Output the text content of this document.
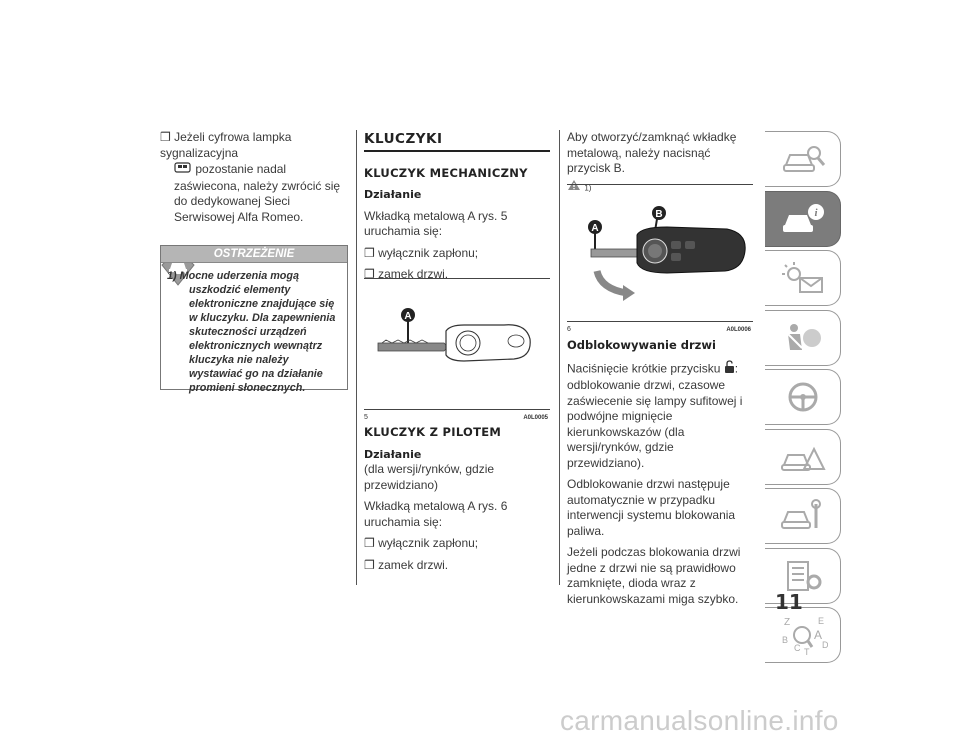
❒ Jeżeli cyfrowa lampka sygnalizacyjna

pozostanie nadal zaświecona, należy zwrócić się do dedykowanej Sieci Serwisowej Alfa Romeo.

OSTRZEŻENIE
1) Mocne uderzenia mogą uszkodzić elementy elektroniczne znajdujące się w kluczyku. Dla zapewnienia skuteczności urządzeń elektronicznych wewnątrz kluczyka nie należy wystawiać go na działanie promieni słonecznych.
KLUCZYKI
KLUCZYK MECHANICZNY
Działanie

Wkładką metalową A rys. 5 uruchamia się:

❒ wyłącznik zapłonu;

❒ zamek drzwi.

A
5	A0L0005
KLUCZYK Z PILOTEM
Działanie

(dla wersji/rynków, gdzie przewidziano)

Wkładką metalową A rys. 6 uruchamia się:

❒ wyłącznik zapłonu;

❒ zamek drzwi.

Aby otworzyć/zamknąć wkładkę metalową, należy nacisnąć przycisk B.

1)

A
B
6	A0L0006
Odblokowywanie drzwi

Naciśnięcie krótkie przycisku : odblokowanie drzwi, czasowe zaświecenie się lampy sufitowej i podwójne mignięcie kierunkowskazów (dla wersji/rynków, gdzie przewidziano).

Odblokowanie drzwi następuje automatycznie w przypadku interwencji systemu blokowania paliwa.

Jeżeli podczas blokowania drzwi jedne z drzwi nie są prawidłowo zamknięte, dioda wraz z kierunkowskazami miga szybko.

i
Z	E
A
B
C T
D
11
carmanualsonline.info
